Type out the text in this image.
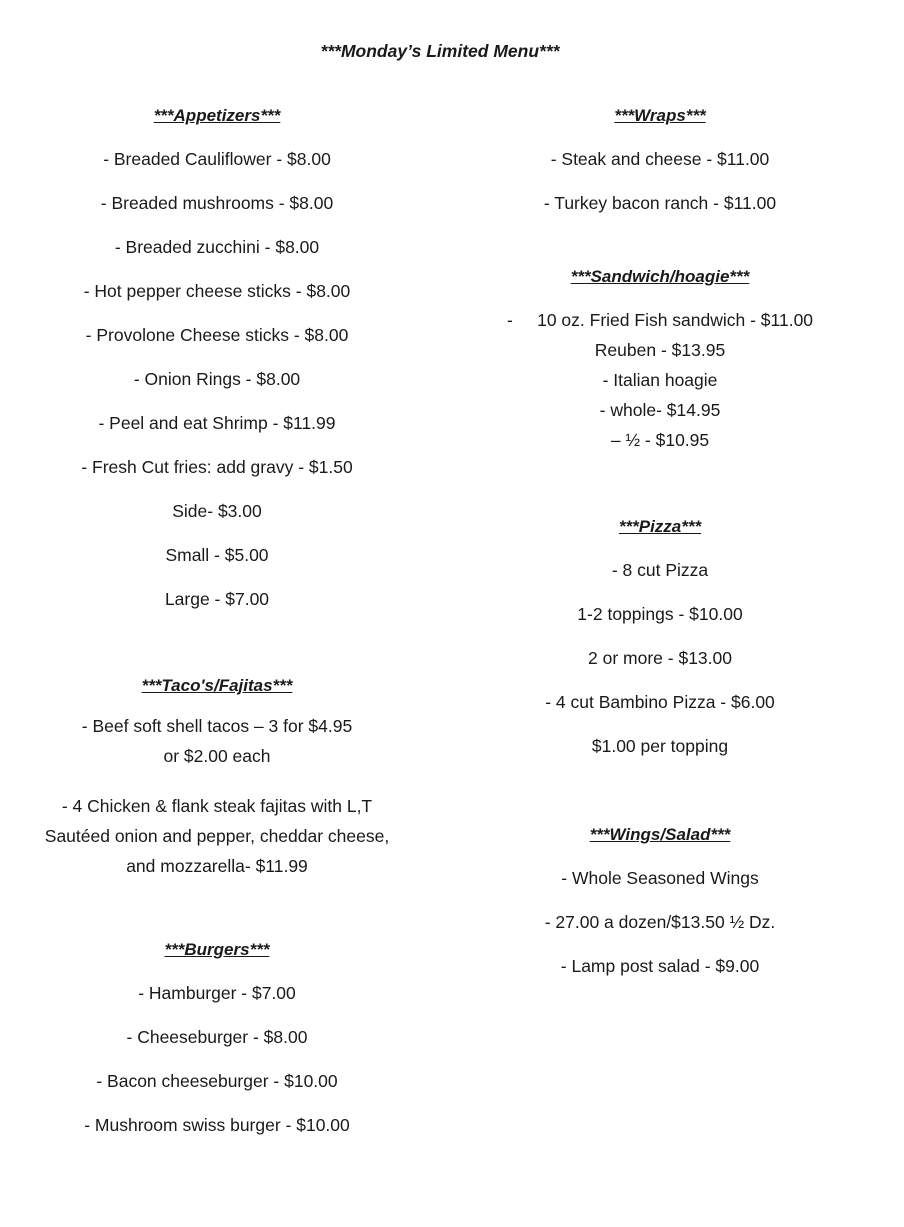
***Monday’s Limited Menu***
***Appetizers***
- Breaded Cauliflower - $8.00
- Breaded mushrooms - $8.00
- Breaded zucchini - $8.00
- Hot pepper cheese sticks - $8.00
- Provolone Cheese sticks - $8.00
- Onion Rings - $8.00
- Peel and eat Shrimp - $11.99
- Fresh Cut fries: add gravy - $1.50
Side- $3.00
Small - $5.00
Large - $7.00
***Taco's/Fajitas***
- Beef soft shell tacos – 3 for $4.95 or $2.00 each
- 4 Chicken & flank steak fajitas with L,T Sautéed onion and pepper, cheddar cheese, and mozzarella- $11.99
***Burgers***
- Hamburger - $7.00
- Cheeseburger - $8.00
- Bacon cheeseburger - $10.00
- Mushroom swiss burger - $10.00
***Wraps***
- Steak and cheese - $11.00
- Turkey bacon ranch - $11.00
***Sandwich/hoagie***
-     10 oz. Fried Fish sandwich - $11.00
Reuben - $13.95
- Italian hoagie
- whole- $14.95
– ½ - $10.95
***Pizza***
- 8 cut Pizza
1-2 toppings - $10.00
2 or more - $13.00
- 4 cut Bambino Pizza - $6.00
$1.00 per topping
***Wings/Salad***
- Whole Seasoned Wings
- 27.00 a dozen/$13.50 ½ Dz.
- Lamp post salad - $9.00
